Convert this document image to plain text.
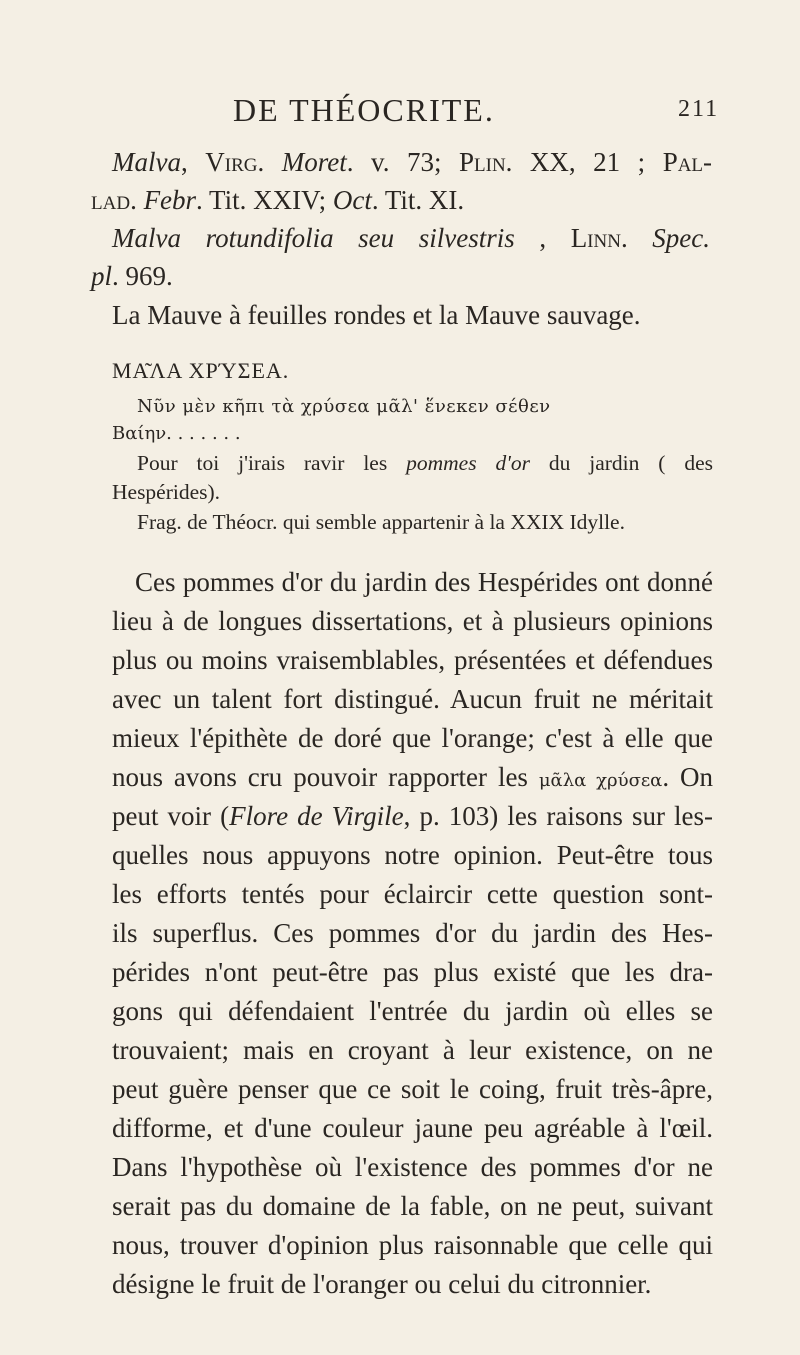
DE THÉOCRITE.	211
Malva, Virg. Moret. v. 73; Plin. XX, 21 ; Pal-
lad. Febr. Tit. XXIV; Oct. Tit. XI.
Malva rotundifolia seu silvestris , Linn. Spec.
pl. 969.
La Mauve à feuilles rondes et la Mauve sauvage.
ΜΑ͂ΛΑ ΧΡΎΣΕΑ.
Νῦν μὲν κῆπι τὰ χρύσεα μᾶλ' ἕνεκεν σέθεν
Βαίην. . . . . . .
Pour toi j'irais ravir les pommes d'or du jardin ( des
Hespérides).
Frag. de Théocr. qui semble appartenir à la XXIX Idylle.
Ces pommes d'or du jardin des Hespérides ont donné
lieu à de longues dissertations, et à plusieurs opinions
plus ou moins vraisemblables, présentées et défendues
avec un talent fort distingué. Aucun fruit ne méritait
mieux l'épithète de doré que l'orange; c'est à elle que
nous avons cru pouvoir rapporter les μᾶλα χρύσεα. On
peut voir (Flore de Virgile, p. 103) les raisons sur les-
quelles nous appuyons notre opinion. Peut-être tous
les efforts tentés pour éclaircir cette question sont-
ils superflus. Ces pommes d'or du jardin des Hes-
pérides n'ont peut-être pas plus existé que les dra-
gons qui défendaient l'entrée du jardin où elles se
trouvaient; mais en croyant à leur existence, on ne
peut guère penser que ce soit le coing, fruit très-âpre,
difforme, et d'une couleur jaune peu agréable à l'œil.
Dans l'hypothèse où l'existence des pommes d'or ne
serait pas du domaine de la fable, on ne peut, suivant
nous, trouver d'opinion plus raisonnable que celle qui
désigne le fruit de l'oranger ou celui du citronnier.
